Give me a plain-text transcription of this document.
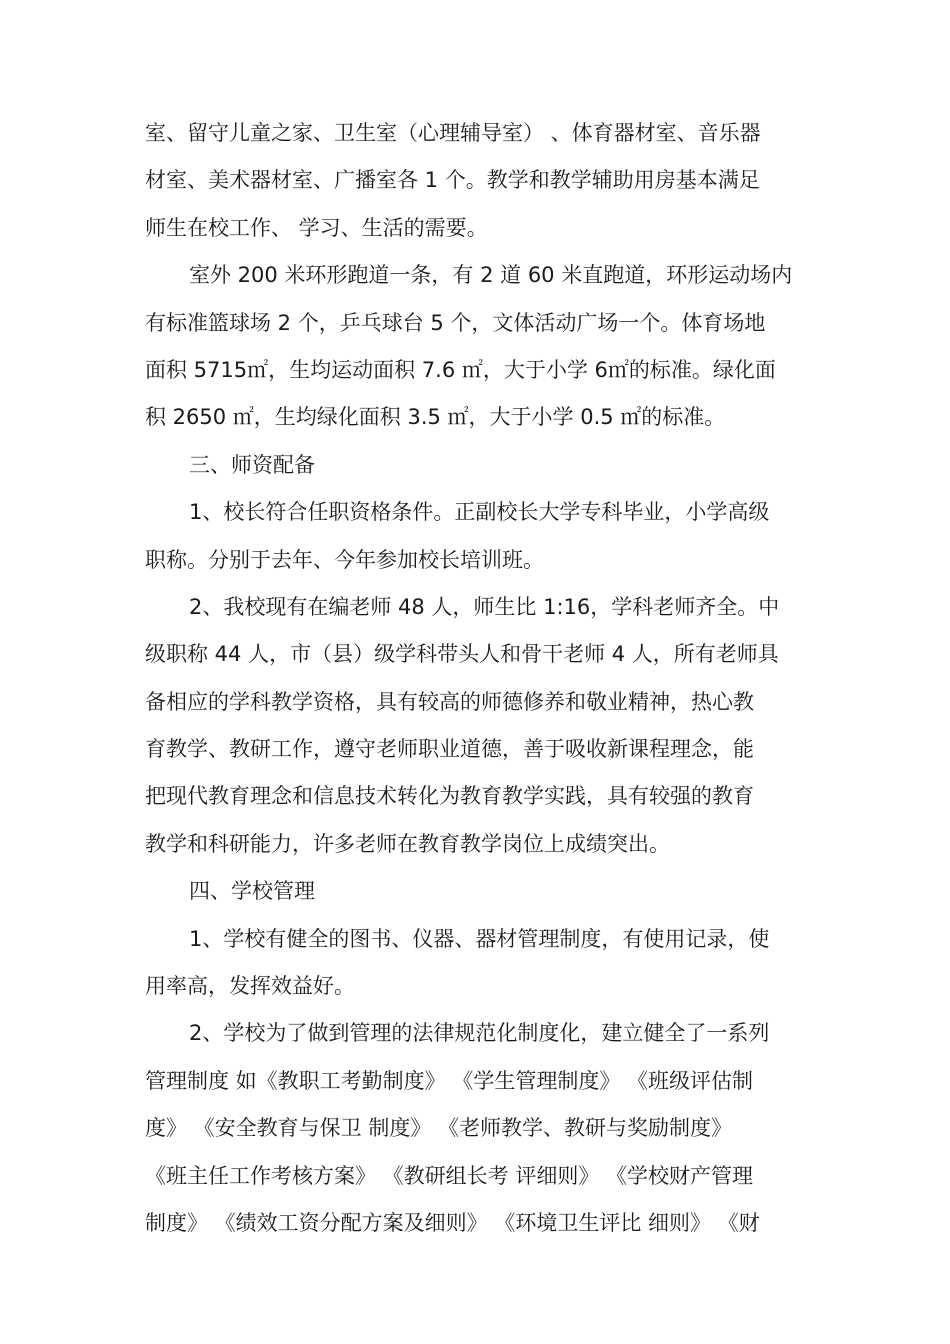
室、留守儿童之家、卫生室（心理辅导室） 、体育器材室、音乐器
材室、美术器材室、广播室各 1 个。教学和教学辅助用房基本满足
师生在校工作、 学习、生活的需要。
室外 200 米环形跑道一条，有 2 道 60 米直跑道，环形运动场内
有标准篮球场 2 个，乒乓球台 5 个，文体活动广场一个。体育场地
面积 5715㎡，生均运动面积 7.6 ㎡，大于小学 6㎡的标准。绿化面
积 2650 ㎡，生均绿化面积 3.5 ㎡，大于小学 0.5 ㎡的标准。
三、师资配备
1、校长符合任职资格条件。正副校长大学专科毕业，小学高级
职称。分别于去年、今年参加校长培训班。
2、我校现有在编老师 48 人，师生比 1:16，学科老师齐全。中
级职称 44 人，市（县）级学科带头人和骨干老师 4 人，所有老师具
备相应的学科教学资格，具有较高的师德修养和敬业精神，热心教
育教学、教研工作，遵守老师职业道德，善于吸收新课程理念，能
把现代教育理念和信息技术转化为教育教学实践，具有较强的教育
教学和科研能力，许多老师在教育教学岗位上成绩突出。
四、学校管理
1、学校有健全的图书、仪器、器材管理制度，有使用记录，使
用率高，发挥效益好。
2、学校为了做到管理的法律规范化制度化，建立健全了一系列
管理制度 如《教职工考勤制度》 《学生管理制度》 《班级评估制
度》 《安全教育与保卫 制度》 《老师教学、教研与奖励制度》
《班主任工作考核方案》 《教研组长考 评细则》 《学校财产管理
制度》 《绩效工资分配方案及细则》 《环境卫生评比 细则》 《财
